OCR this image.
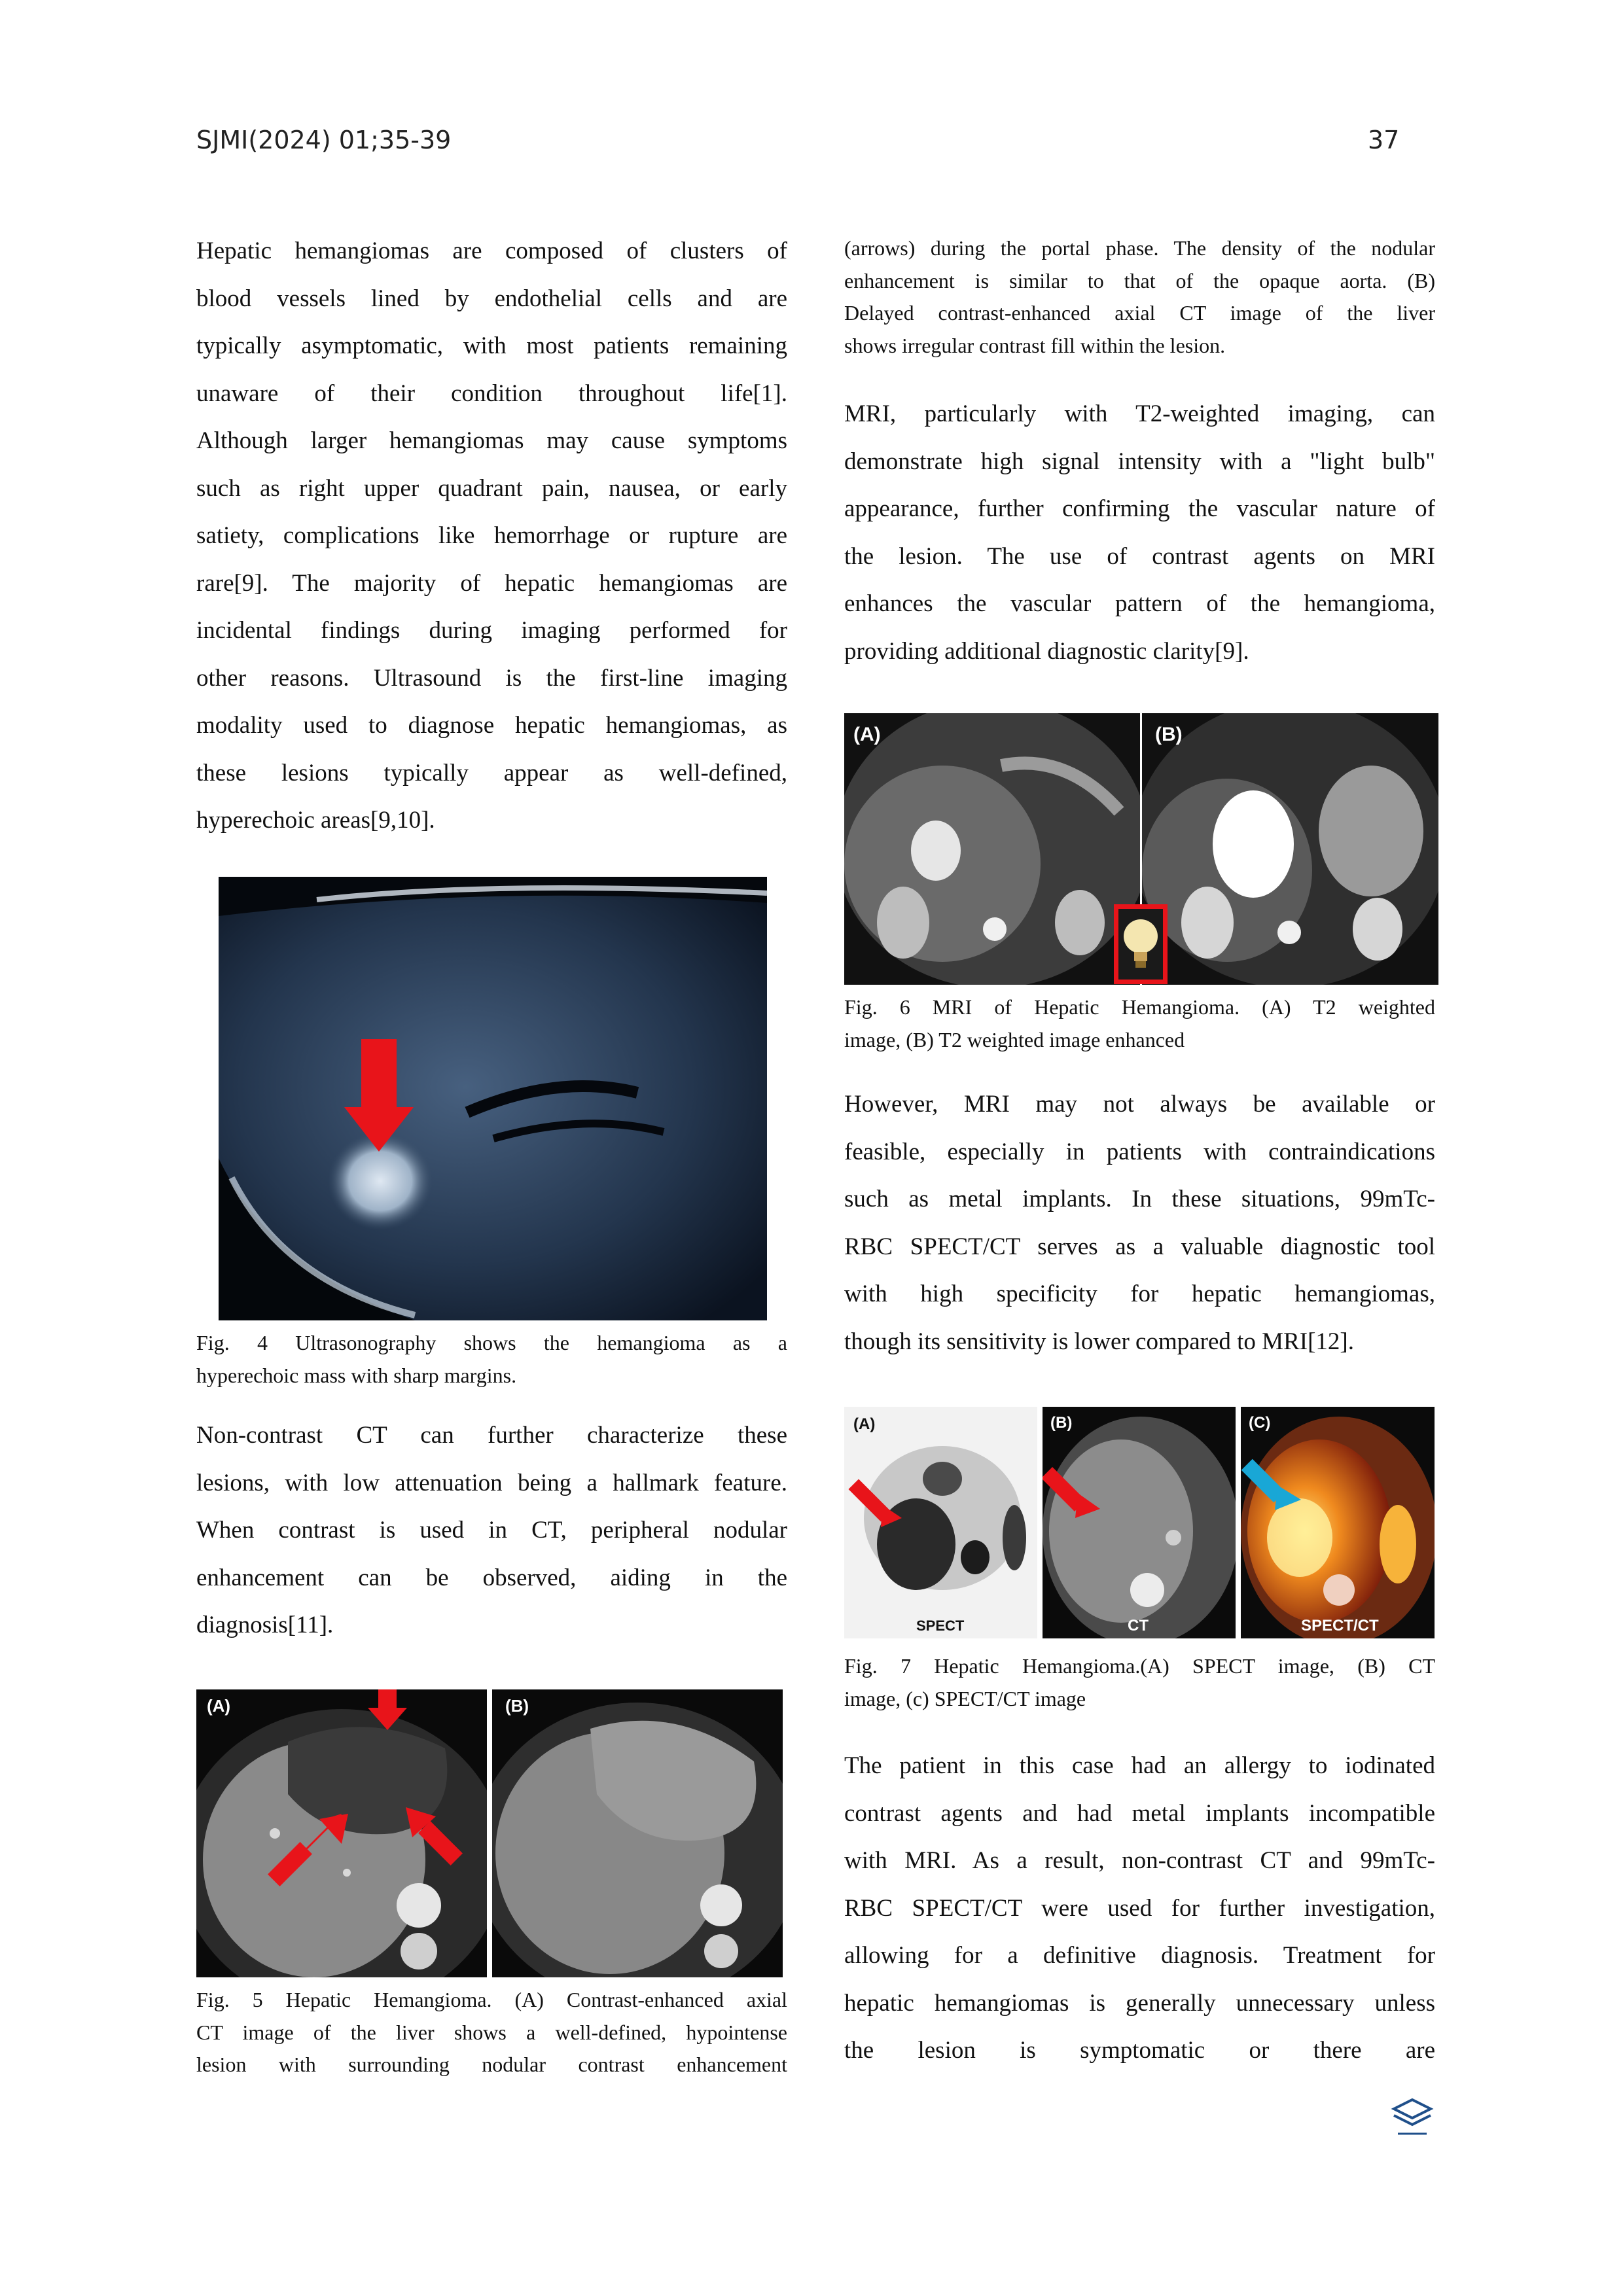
SJMI(2024) 01;35-39	37

Hepatic hemangiomas are composed of clusters of

blood vessels lined by endothelial cells and are

typically asymptomatic, with most patients remaining

unaware of their condition throughout life[1].

Although larger hemangiomas may cause symptoms

such as right upper quadrant pain, nausea, or early

satiety, complications like hemorrhage or rupture are

rare[9]. The majority of hepatic hemangiomas are

incidental findings during imaging performed for

other reasons. Ultrasound is the first-line imaging

modality used to diagnose hepatic hemangiomas, as

these lesions typically appear as well-defined,

hyperechoic areas[9,10].

Fig. 4 Ultrasonography shows the hemangioma as a

hyperechoic mass with sharp margins.

Non-contrast CT can further characterize these

lesions, with low attenuation being a hallmark feature.

When contrast is used in CT, peripheral nodular

enhancement can be observed, aiding in the

diagnosis[11].

(A)	(B)

Fig. 5 Hepatic Hemangioma. (A) Contrast-enhanced axial

CT image of the liver shows a well-defined, hypointense

lesion with surrounding nodular contrast enhancement

(arrows) during the portal phase. The density of the nodular

enhancement is similar to that of the opaque aorta. (B)

Delayed contrast-enhanced axial CT image of the liver

shows irregular contrast fill within the lesion.

MRI, particularly with T2-weighted imaging, can

demonstrate high signal intensity with a "light bulb"

appearance, further confirming the vascular nature of

the lesion. The use of contrast agents on MRI

enhances the vascular pattern of the hemangioma,

providing additional diagnostic clarity[9].

(A)	(B)

Fig. 6 MRI of Hepatic Hemangioma. (A) T2 weighted

image, (B) T2 weighted image enhanced

However, MRI may not always be available or

feasible, especially in patients with contraindications

such as metal implants. In these situations, 99mTc-

RBC SPECT/CT serves as a valuable diagnostic tool

with high specificity for hepatic hemangiomas,

though its sensitivity is lower compared to MRI[12].

(A)
SPECT
(B)
CT
(C)
SPECT/CT

Fig. 7 Hepatic Hemangioma.(A) SPECT image, (B) CT

image, (c) SPECT/CT image

The patient in this case had an allergy to iodinated

contrast agents and had metal implants incompatible

with MRI. As a result, non-contrast CT and 99mTc-

RBC SPECT/CT were used for further investigation,

allowing for a definitive diagnosis. Treatment for

hepatic hemangiomas is generally unnecessary unless

the lesion is symptomatic or there are
